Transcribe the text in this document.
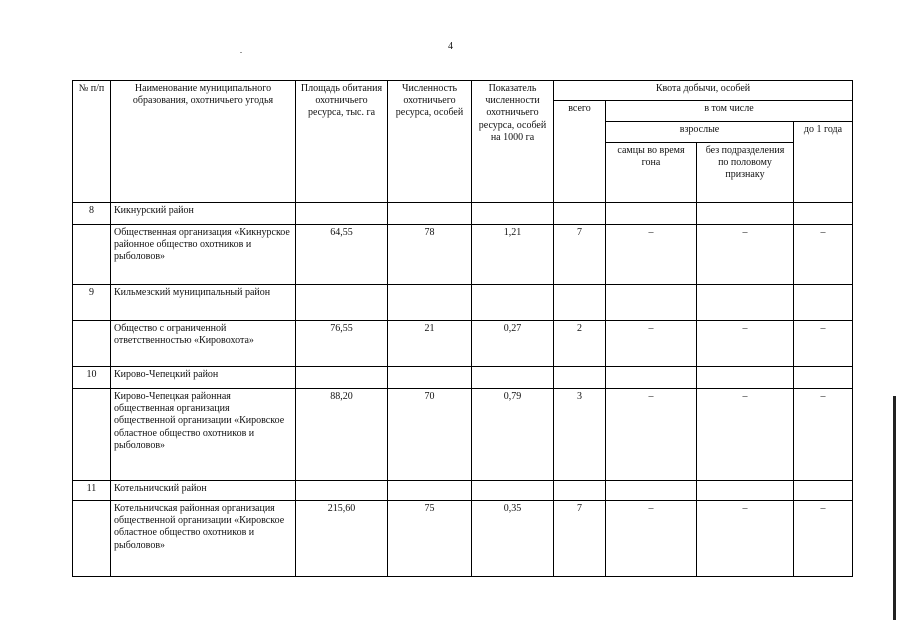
4
№ п/п	Наименование муниципального образования, охотничьего угодья	Площадь обитания охотничьего ресурса, тыс. га	Численность охотничьего ресурса, особей	Показатель численности охотничьего ресурса, особей на 1000 га	Квота добычи, особей			
					всего	в том числе		
						взрослые		до 1 года
						самцы во время гона	без подразделения по половому признаку	
8	Кикнурский район							
	Общественная организация «Кикнурское районное общество охотников и рыболовов»	64,55	78	1,21	7	–	–	–
9	Кильмезский муниципальный район							
	Общество с ограниченной ответственностью «Кировохота»	76,55	21	0,27	2	–	–	–
10	Кирово-Чепецкий район							
	Кирово-Чепецкая районная общественная организация общественной организации «Кировское областное общество охотников и рыболовов»	88,20	70	0,79	3	–	–	–
11	Котельничский район							
	Котельничская районная организация общественной организации «Кировское областное общество охотников и рыболовов»	215,60	75	0,35	7	–	–	–
